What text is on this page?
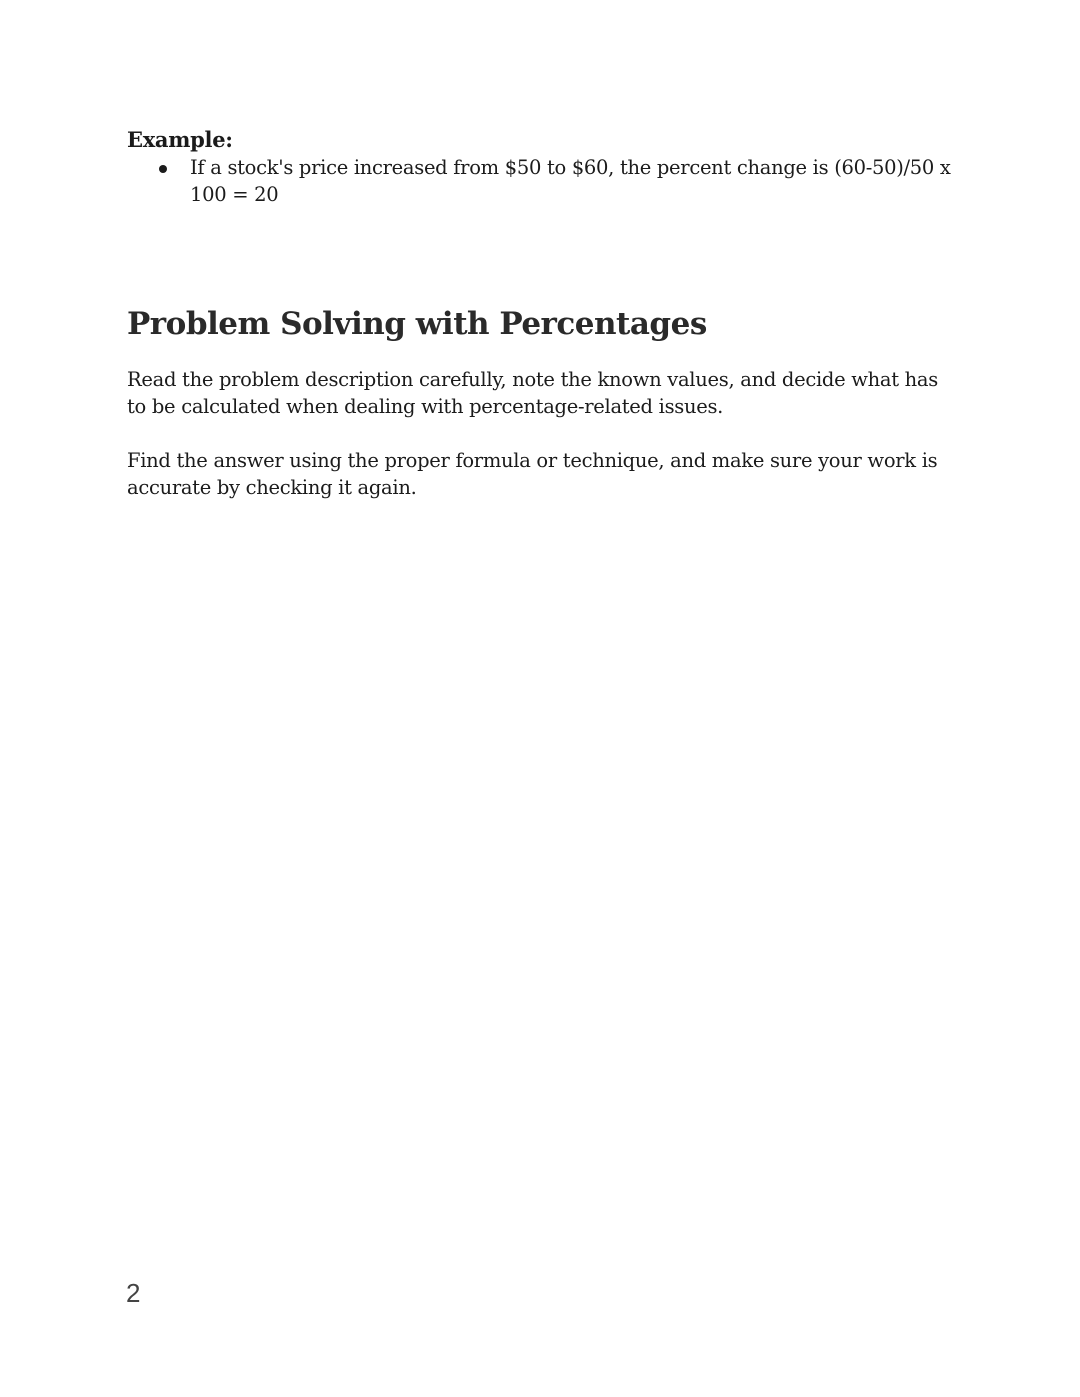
Example:

If a stock's price increased from $50 to $60, the percent change is (60-50)/50 x 100 = 20
Problem Solving with Percentages

Read the problem description carefully, note the known values, and decide what has to be calculated when dealing with percentage-related issues.

Find the answer using the proper formula or technique, and make sure your work is accurate by checking it again.

2
